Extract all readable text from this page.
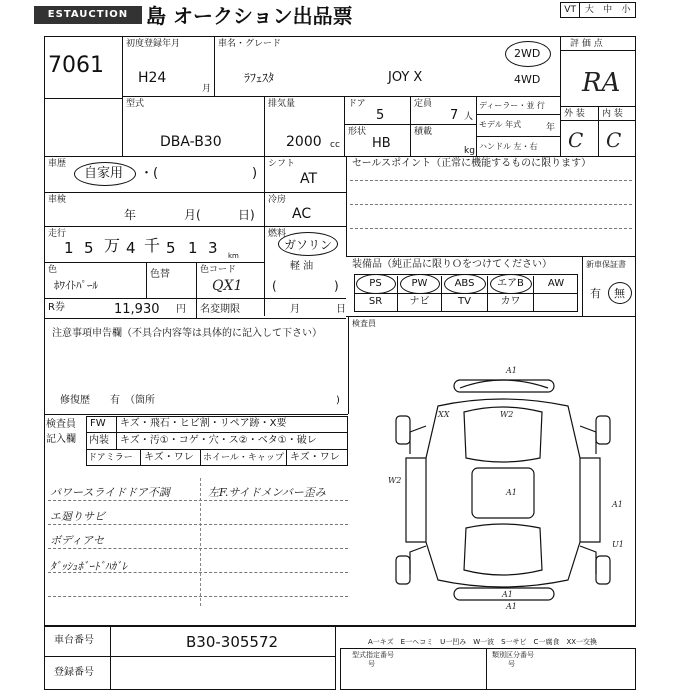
ESTAUCTION 島 オークション出品票	VT 大	中	小
7061
初度登録年月
H24
月
車名・グレード
ﾗﾌｪｽﾀ	JOY X
2WD
4WD
評 価 点
RA
外 装 内 装
C C
型式
DBA-B30
排気量
2000 cc
ドア
5
定員
7 人
形状
HB
積載
kg
ディーラー・並 行
モデル 年式	年
ハンドル 左・右
車歴
自家用 ・(	)
シフト
AT
セールスポイント（正常に機能するものに限ります）
車検
年	月(	日)
冷房
AC
走行
1 5 万 4 千 5 1 3 km
燃料
ガソリン
軽 油
(	)
色
ﾎﾜｲﾄﾊﾟｰﾙ
色替	色コード
QX1
装備品（純正品に限りＯをつけてください）
PS	PW	ABS	エアB	AW
SR	ナビ	TV	カワ
新車保証書
有 無
R券	11,930 円 名変期限	月	日
検査員
注意事項申告欄（不具合内容等は具体的に記入して下さい）
修復歴　　有　（箇所	)
検査員
記入欄
FW キズ・飛石・ヒビ割・リペア跡・X要
内装 キズ・汚①・コゲ・穴・ス②・ベタ①・破レ
ドアミラー キズ・ワレ ホイール・キャップ キズ・ワレ
パワースライドドア不調	左F.サイドメンバー歪み
エ廻りサビ
ボディアセ
ﾀﾞｯｼｭﾎﾞｰﾄﾞﾊｶﾞﾚ
A1
XX	W2
W2
A1
A1
U1
A1
A1
車台番号	B30-305572
登録番号
A一キズ　E一ヘコミ　U一凹み　W一波　S一サビ　C一腐食　XX一交換
型式指定番号
号
類別区分番号
号
